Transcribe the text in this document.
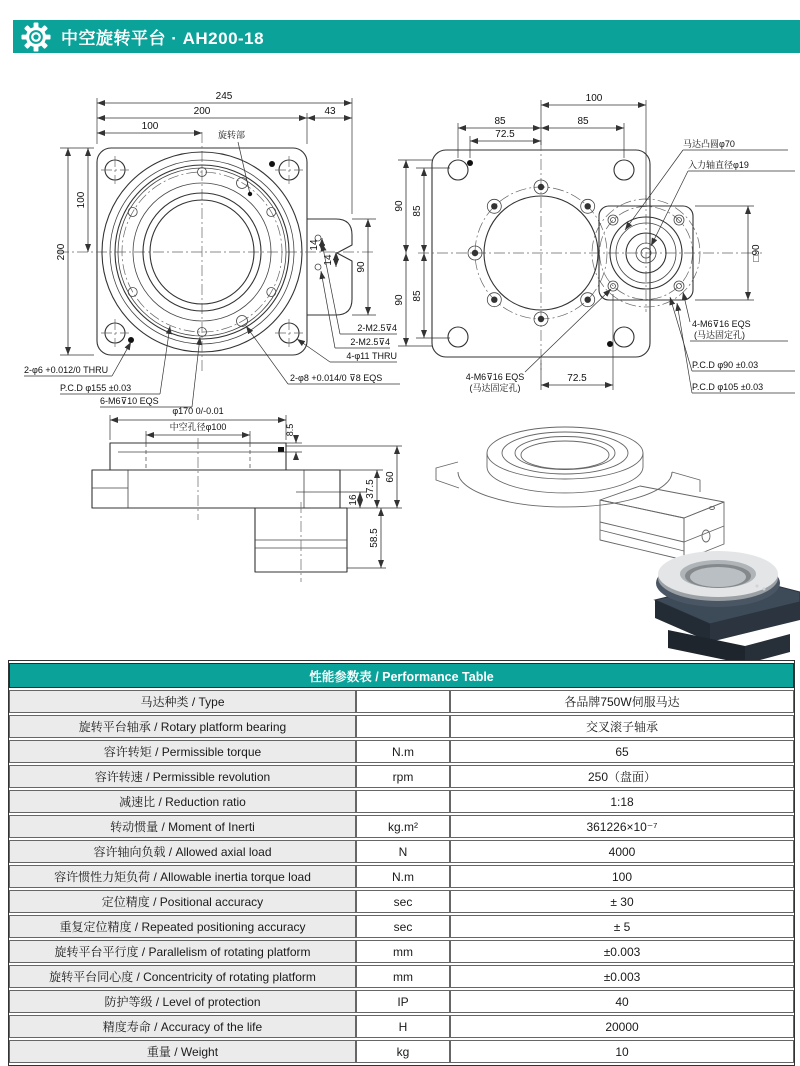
中空旋转平台 · AH200-18
245
200	43
100
旋转部
100
200
90
14
14
2-φ6 +0.012/0 THRU
P.C.D φ155 ±0.03
6-M6⊽10 EQS
2-M2.5⊽4
2-M2.5⊽4
4-φ11 THRU
2-φ8 +0.014/0 ⊽8 EQS
100
85	85
72.5
90
90
85
85
72.5
□90
马达凸圆φ70
入力轴直径φ19
4-M6⊽16 EQS
(马达固定孔)
P.C.D φ90 ±0.03
P.C.D φ105 ±0.03
4-M6⊽16 EQS
(马达固定孔)
φ170 0/-0.01
中空孔径φ100	8.5
60
37.5
16
58.5
性能参数表 / Performance Table		
马达种类 / Type		各品牌750W伺服马达
旋转平台轴承 / Rotary platform bearing		交叉滚子轴承
容许转矩 / Permissible torque	N.m	65
容许转速 / Permissible revolution	rpm	250（盘面）
减速比 / Reduction ratio		1:18
转动惯量 / Moment of Inerti	kg.m²	361226×10⁻⁷
容许轴向负载 / Allowed axial load	N	4000
容许惯性力矩负荷 / Allowable inertia torque load	N.m	100
定位精度 / Positional accuracy	sec	± 30
重复定位精度 / Repeated positioning accuracy	sec	± 5
旋转平台平行度 / Parallelism of rotating platform	mm	±0.003
旋转平台同心度 / Concentricity of rotating platform	mm	±0.003
防护等级 / Level of protection	IP	40
精度寿命 / Accuracy of the life	H	20000
重量 / Weight	kg	10
